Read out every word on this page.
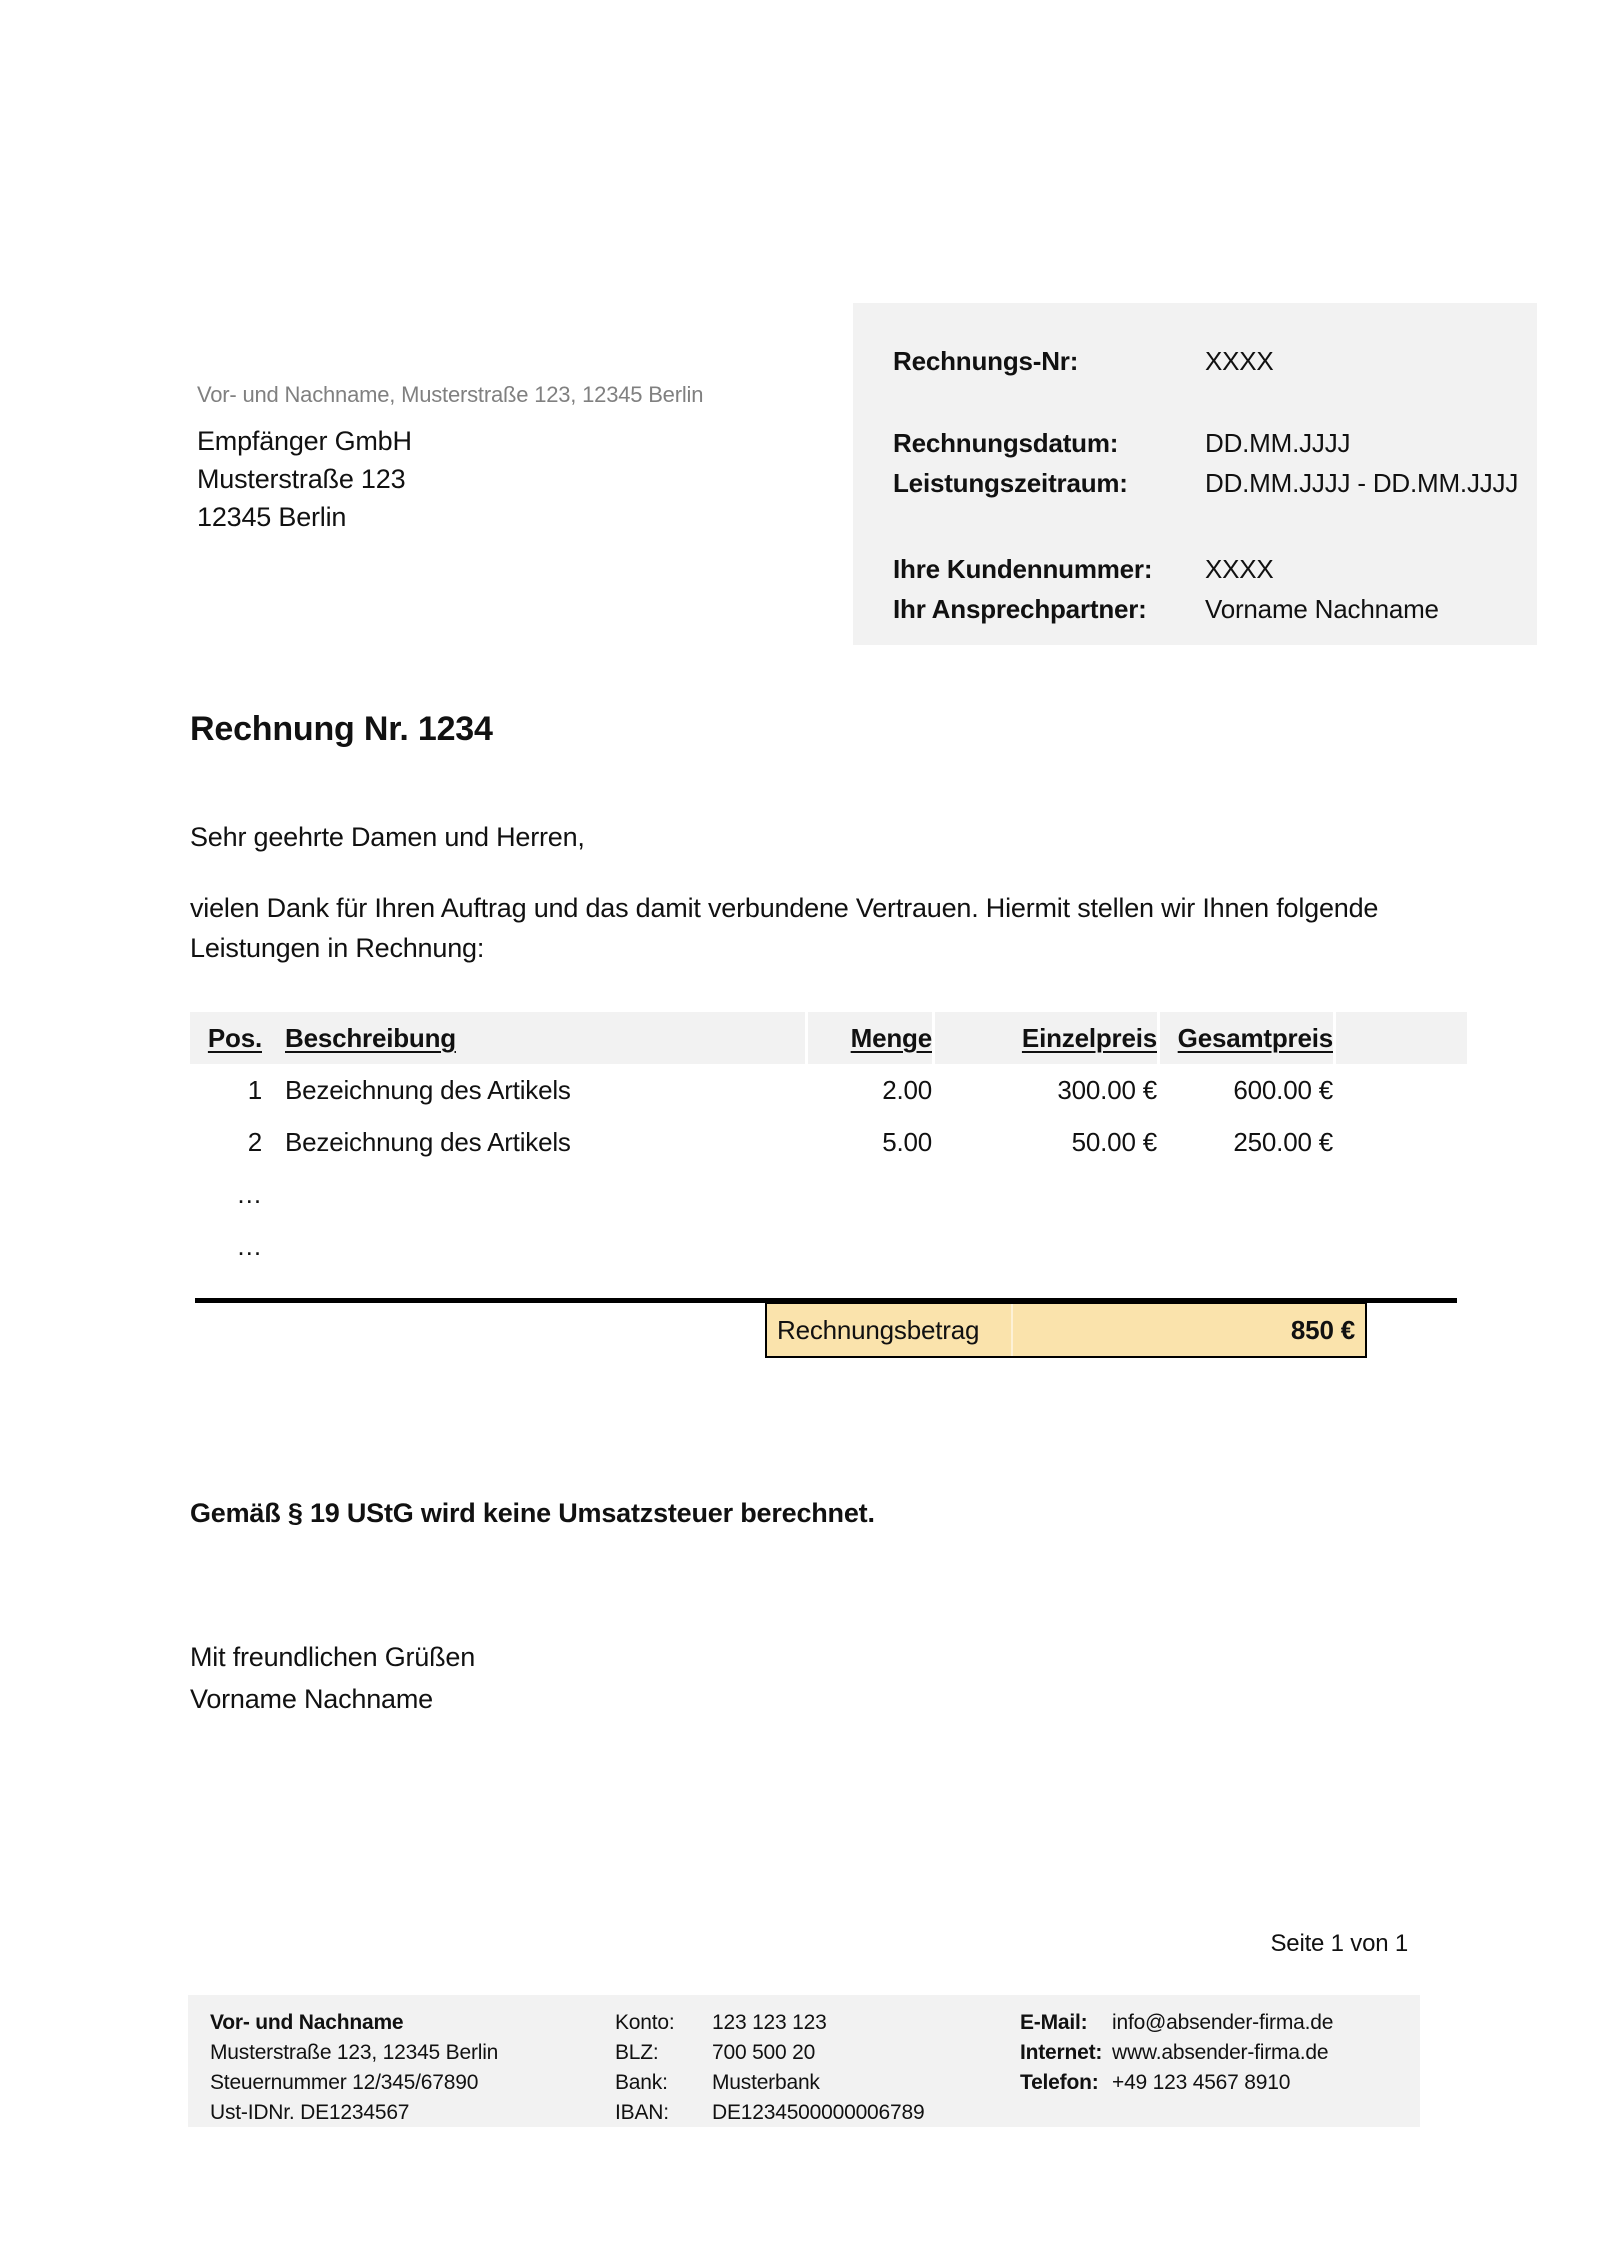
Vor- und Nachname, Musterstraße 123, 12345 Berlin
Empfänger GmbH
Musterstraße 123
12345 Berlin
Rechnungs-Nr:	XXXX
Rechnungsdatum:	DD.MM.JJJJ
Leistungszeitraum:	DD.MM.JJJJ - DD.MM.JJJJ
Ihre Kundennummer:	XXXX
Ihr Ansprechpartner:	Vorname Nachname
Rechnung Nr. 1234
Sehr geehrte Damen und Herren,
vielen Dank für Ihren Auftrag und das damit verbundene Vertrauen. Hiermit stellen wir Ihnen folgende Leistungen in Rechnung:
Pos. Beschreibung	Menge	Einzelpreis Gesamtpreis
1 Bezeichnung des Artikels	2.00	300.00 €	600.00 €
2 Bezeichnung des Artikels	5.00	50.00 €	250.00 €
…
…
Rechnungsbetrag	850 €
Gemäß § 19 UStG wird keine Umsatzsteuer berechnet.
Mit freundlichen Grüßen
Vorname Nachname
Seite 1 von 1
Vor- und Nachname
Musterstraße 123, 12345 Berlin
Steuernummer 12/345/67890
Ust-IDNr. DE1234567
Konto: 123 123 123
BLZ:	700 500 20
Bank: Musterbank
IBAN: DE1234500000006789
E-Mail: info@absender-firma.de
Internet: www.absender-firma.de
Telefon: +49 123 4567 8910
